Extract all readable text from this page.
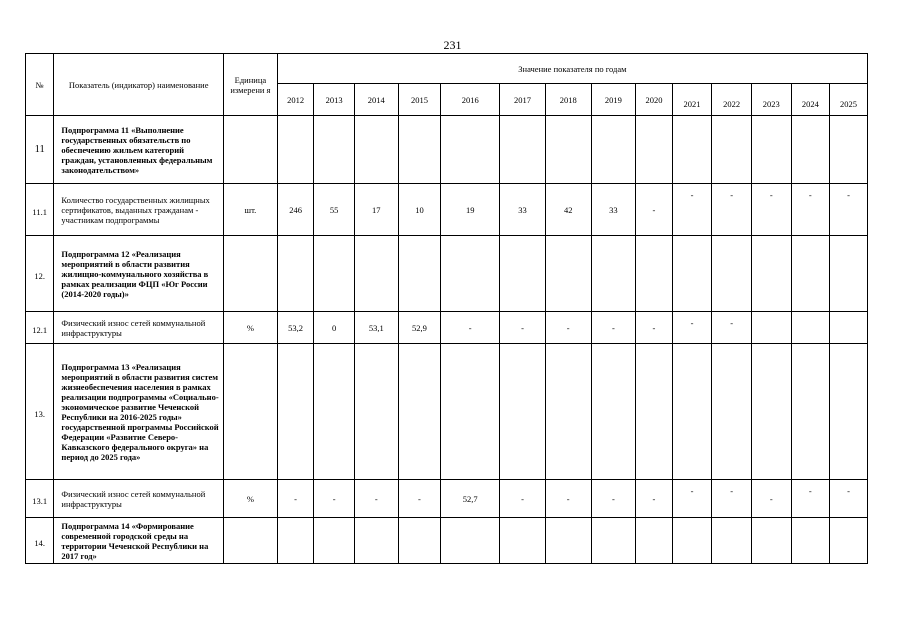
231
№	Показатель (индикатор) наименование	Единица измерени я	Значение показателя по годам													
			2012	2013	2014	2015	2016	2017	2018	2019	2020	2021	2022	2023	2024	2025
11	Подпрограмма 11 «Выполнение государственных обязательств по обеспечению жильем категорий граждан, установленных федеральным законодательством»															
11.1	Количество государственных жилищных сертификатов, выданных гражданам - участникам подпрограммы	шт.	246	55	17	10	19	33	42	33	-	-	-	-	-	-
12.	Подпрограмма 12 «Реализация мероприятий в области развития жилищно-коммунального хозяйства в рамках реализации ФЦП «Юг России (2014-2020 годы)»															
12.1	Физический износ сетей коммунальной инфраструктуры	%	53,2	0	53,1	52,9	-	-	-	-	-	-	-			
13.	Подпрограмма 13 «Реализация мероприятий в области развития систем жизнеобеспечения населения в рамках реализации подпрограммы «Социально-экономическое развитие Чеченской Республики на 2016-2025 годы» государственной программы Российской Федерации «Развитие Северо-Кавказского федерального округа» на период до 2025 года»															
13.1	Физический износ сетей коммунальной инфраструктуры	%	-	-	-	-	52,7	-	-	-	-	-	-	-	-	-
14.	Подпрограмма 14 «Формирование современной городской среды на территории Чеченской Республики на 2017 год»															
